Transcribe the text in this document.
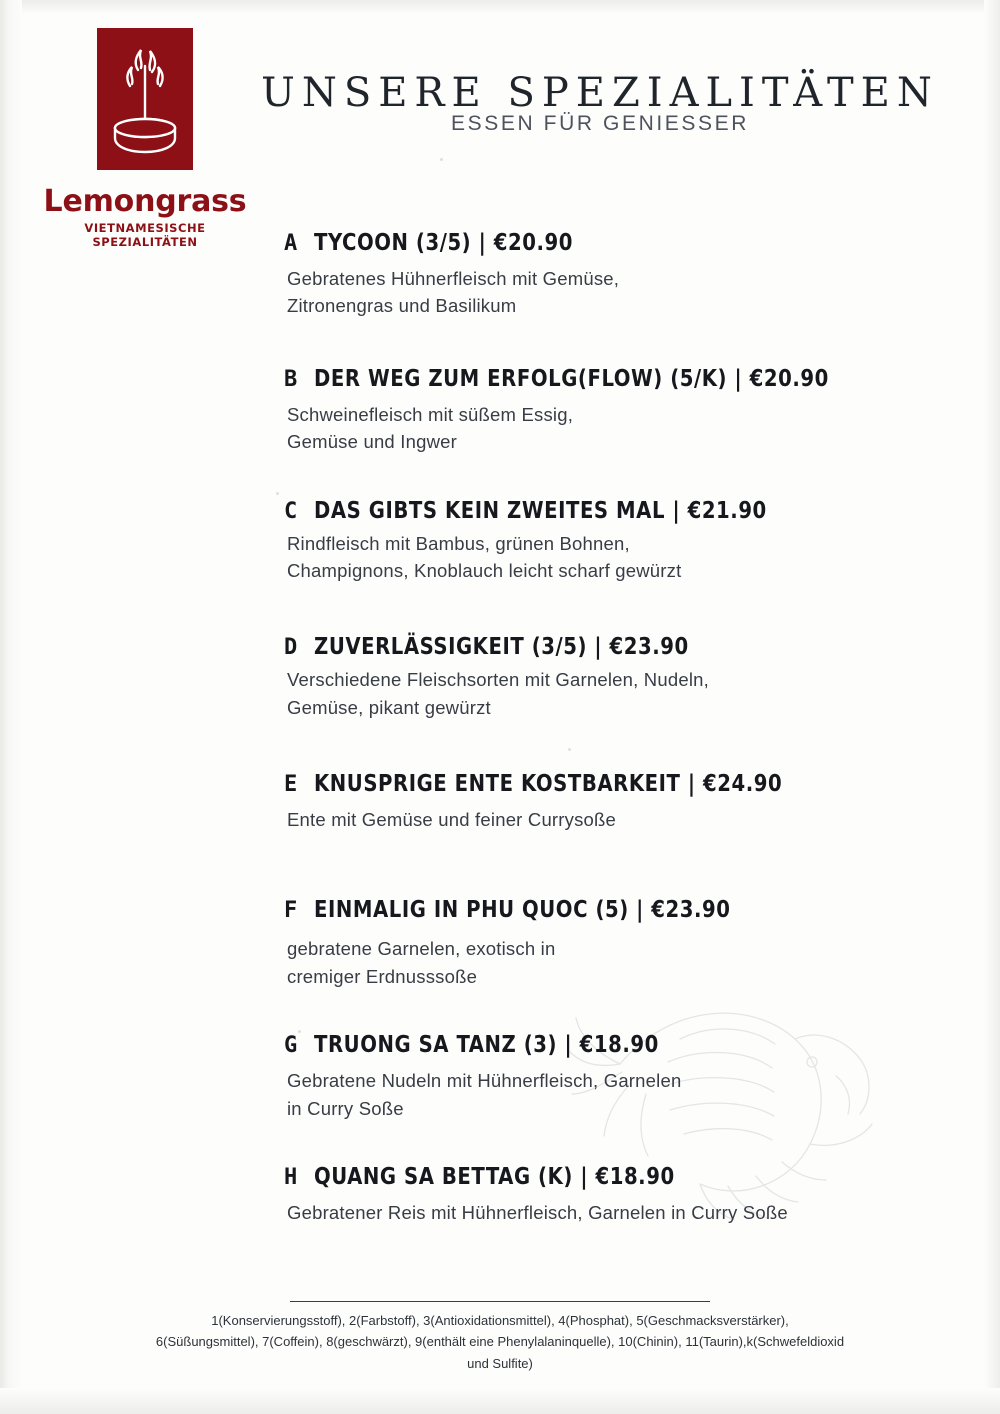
Lemongrass
VIETNAMESISCHE SPEZIALITÄTEN
UNSERE SPEZIALITÄTEN
ESSEN FÜR GENIESSER
A TYCOON (3/5) | €20.90
Gebratenes Hühnerfleisch mit Gemüse,
Zitronengras und Basilikum
B DER WEG ZUM ERFOLG(FLOW) (5/K) | €20.90
Schweinefleisch mit süßem Essig,
Gemüse und Ingwer
C DAS GIBTS KEIN ZWEITES MAL | €21.90
Rindfleisch mit Bambus, grünen Bohnen,
Champignons, Knoblauch leicht scharf gewürzt
D ZUVERLÄSSIGKEIT (3/5) | €23.90
Verschiedene Fleischsorten mit Garnelen, Nudeln,
Gemüse, pikant gewürzt
E KNUSPRIGE ENTE KOSTBARKEIT | €24.90
Ente mit Gemüse und feiner Currysoße
F EINMALIG IN PHU QUOC (5) | €23.90
gebratene Garnelen, exotisch in
cremiger Erdnusssoße
G TRUONG SA TANZ (3) | €18.90
Gebratene Nudeln mit Hühnerfleisch, Garnelen
in Curry Soße
H QUANG SA BETTAG (K) | €18.90
Gebratener Reis mit Hühnerfleisch, Garnelen in Curry Soße
1(Konservierungsstoff), 2(Farbstoff), 3(Antioxidationsmittel), 4(Phosphat), 5(Geschmacksverstärker),
6(Süßungsmittel), 7(Coffein), 8(geschwärzt), 9(enthält eine Phenylalaninquelle), 10(Chinin), 11(Taurin),k(Schwefeldioxid
und Sulfite)
